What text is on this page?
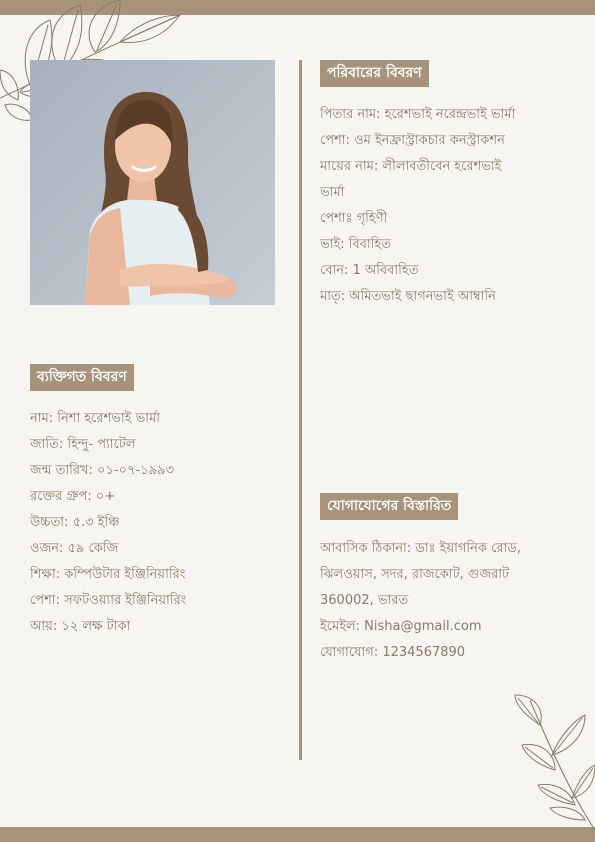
পরিবারের বিবরণ
পিতার নাম: হরেশভাই নরেন্দ্রভাই ভার্মা
পেশা: ওম ইনফ্রাস্ট্রাকচার কনস্ট্রাকশন
মায়ের নাম: লীলাবতীবেন হরেশভাই
ভার্মা
পেশাঃ গৃহিণী
ভাই: বিবাহিত
বোন: 1 অবিবাহিত
মাতৃ: অমিতভাই ছাগনভাই আম্বানি
ব্যক্তিগত বিবরণ
নাম: নিশা হরেশভাই ভার্মা
জাতি: হিন্দু- প্যাটেল
জন্ম তারিখ: ০১-০৭-১৯৯৩
রক্তের গ্রুপ: ০+
উচ্চতা: ৫.৩ ইঞ্চি
ওজন: ৫৯ কেজি
শিক্ষা: কম্পিউটার ইঞ্জিনিয়ারিং
পেশা: সফটওয়্যার ইঞ্জিনিয়ারিং
আয়: ১২ লক্ষ টাকা
যোগাযোগের বিস্তারিত
আবাসিক ঠিকানা: ডাঃ ইয়াগনিক রোড,
ঝিলওয়াস, সদর, রাজকোট, গুজরাট
360002, ভারত
ইমেইল: Nisha@gmail.com
যোগাযোগ: 1234567890
